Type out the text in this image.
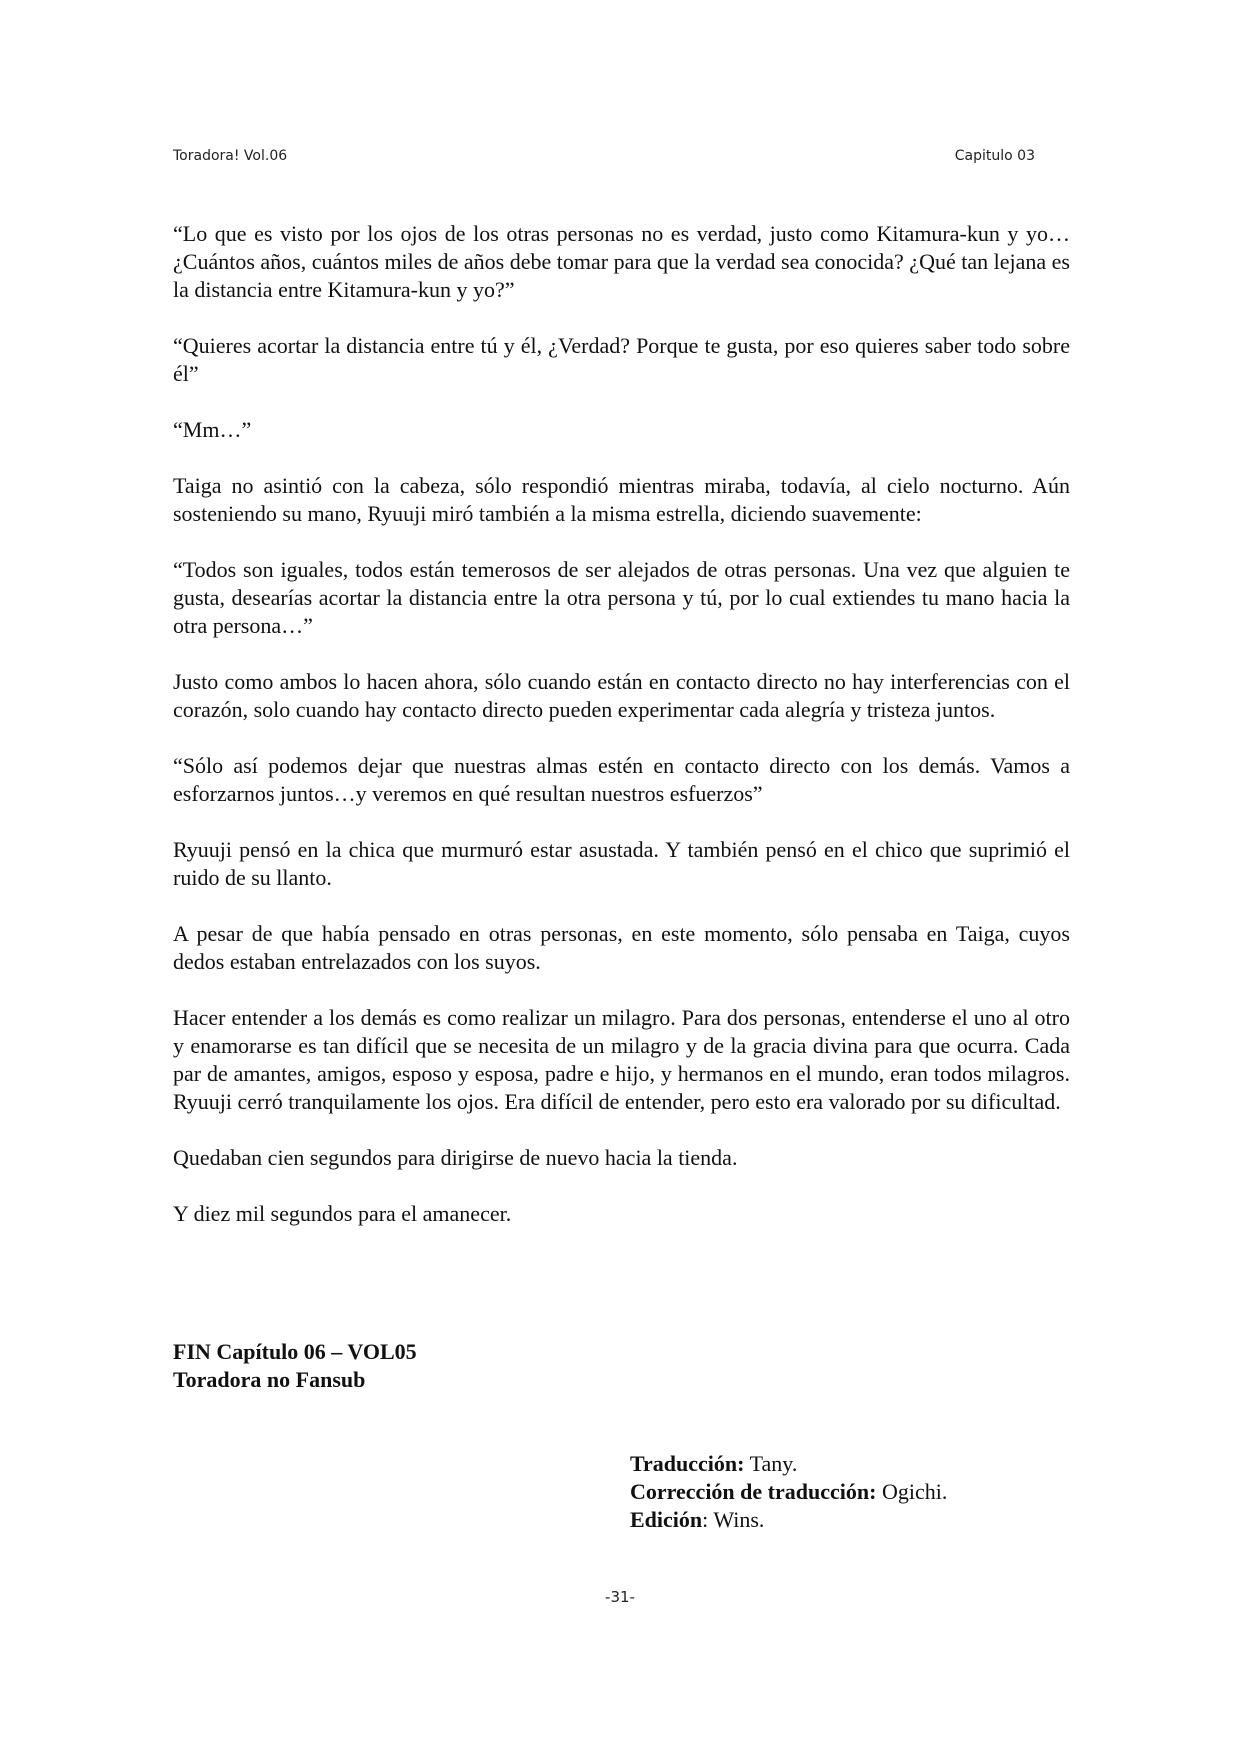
Toradora! Vol.06	Capitulo 03

“Lo que es visto por los ojos de los otras personas no es verdad, justo como Kitamura-kun y yo… ¿Cuántos años, cuántos miles de años debe tomar para que la verdad sea conocida? ¿Qué tan lejana es la distancia entre Kitamura-kun y yo?”

“Quieres acortar la distancia entre tú y él, ¿Verdad? Porque te gusta, por eso quieres saber todo sobre él”

“Mm…”

Taiga no asintió con la cabeza, sólo respondió mientras miraba, todavía, al cielo nocturno. Aún sosteniendo su mano, Ryuuji miró también a la misma estrella, diciendo suavemente:

“Todos son iguales, todos están temerosos de ser alejados de otras personas. Una vez que alguien te gusta, desearías acortar la distancia entre la otra persona y tú, por lo cual extiendes tu mano hacia la otra persona…”

Justo como ambos lo hacen ahora, sólo cuando están en contacto directo no hay interferencias con el corazón, solo cuando hay contacto directo pueden experimentar cada alegría y tristeza juntos.

“Sólo así podemos dejar que nuestras almas estén en contacto directo con los demás. Vamos a esforzarnos juntos…y veremos en qué resultan nuestros esfuerzos”

Ryuuji pensó en la chica que murmuró estar asustada. Y también pensó en el chico que suprimió el ruido de su llanto.

A pesar de que había pensado en otras personas, en este momento, sólo pensaba en Taiga, cuyos dedos estaban entrelazados con los suyos.

Hacer entender a los demás es como realizar un milagro. Para dos personas, entenderse el uno al otro y enamorarse es tan difícil que se necesita de un milagro y de la gracia divina para que ocurra. Cada par de amantes, amigos, esposo y esposa, padre e hijo, y hermanos en el mundo, eran todos milagros. Ryuuji cerró tranquilamente los ojos. Era difícil de entender, pero esto era valorado por su dificultad.

Quedaban cien segundos para dirigirse de nuevo hacia la tienda.

Y diez mil segundos para el amanecer.

FIN Capítulo 06 – VOL05
Toradora no Fansub
Traducción: Tany.
Corrección de traducción: Ogichi.
Edición: Wins.
-31-
